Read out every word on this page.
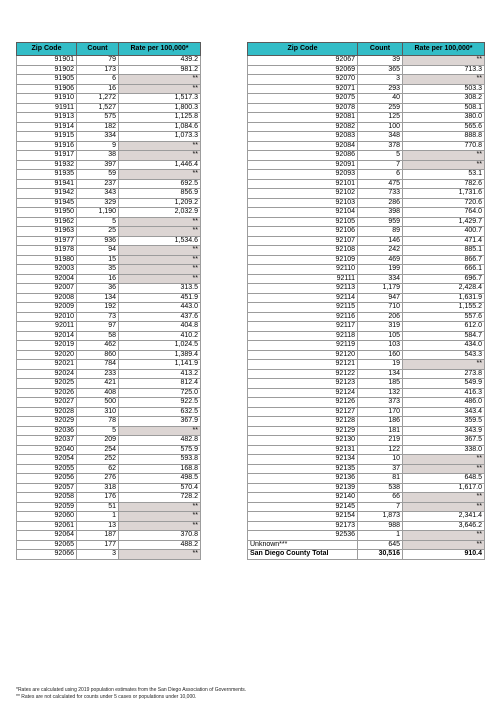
Zip Code	Count	Rate per 100,000*
91901	79	439.2
91902	173	981.2
91905	6	**
91906	16	**
91910	1,272	1,517.3
91911	1,527	1,800.3
91913	575	1,125.8
91914	182	1,084.6
91915	334	1,073.3
91916	9	**
91917	38	**
91932	397	1,446.4
91935	59	**
91941	237	692.5
91942	343	856.9
91945	329	1,209.2
91950	1,190	2,032.9
91962	5	**
91963	25	**
91977	936	1,534.6
91978	94	**
91980	15	**
92003	35	**
92004	16	**
92007	36	313.5
92008	134	451.9
92009	192	443.0
92010	73	437.6
92011	97	404.8
92014	58	410.2
92019	462	1,024.5
92020	860	1,389.4
92021	784	1,141.9
92024	233	413.2
92025	421	812.4
92026	408	725.0
92027	500	922.5
92028	310	632.5
92029	78	367.9
92036	5	**
92037	209	482.8
92040	254	575.9
92054	252	593.8
92055	62	168.8
92056	276	498.5
92057	318	570.4
92058	176	728.2
92059	51	**
92060	1	**
92061	13	**
92064	187	370.8
92065	177	488.2
92066	3	**
Zip Code	Count	Rate per 100,000*
92067	39	**
92069	365	713.3
92070	3	**
92071	293	503.3
92075	40	308.2
92078	259	508.1
92081	125	380.0
92082	100	565.6
92083	348	888.8
92084	378	770.8
92086	5	**
92091	7	**
92093	6	53.1
92101	475	782.6
92102	733	1,731.6
92103	286	720.6
92104	398	764.0
92105	959	1,429.7
92106	89	400.7
92107	146	471.4
92108	242	885.1
92109	469	866.7
92110	199	666.1
92111	334	696.7
92113	1,179	2,428.4
92114	947	1,631.9
92115	710	1,155.2
92116	206	557.6
92117	319	612.0
92118	105	584.7
92119	103	434.0
92120	160	543.3
92121	19	**
92122	134	273.8
92123	185	549.9
92124	132	416.3
92126	373	486.0
92127	170	343.4
92128	186	359.5
92129	181	343.9
92130	219	367.5
92131	122	338.0
92134	10	**
92135	37	**
92136	81	648.5
92139	538	1,617.0
92140	66	**
92145	7	**
92154	1,873	2,341.4
92173	988	3,646.2
92536	1	**
Unknown***	645	**
San Diego County Total	30,516	910.4
*Rates are calculated using 2019 population estimates from the San Diego Association of Governments.
** Rates are not calculated for counts under 5 cases or populations under 10,000.
